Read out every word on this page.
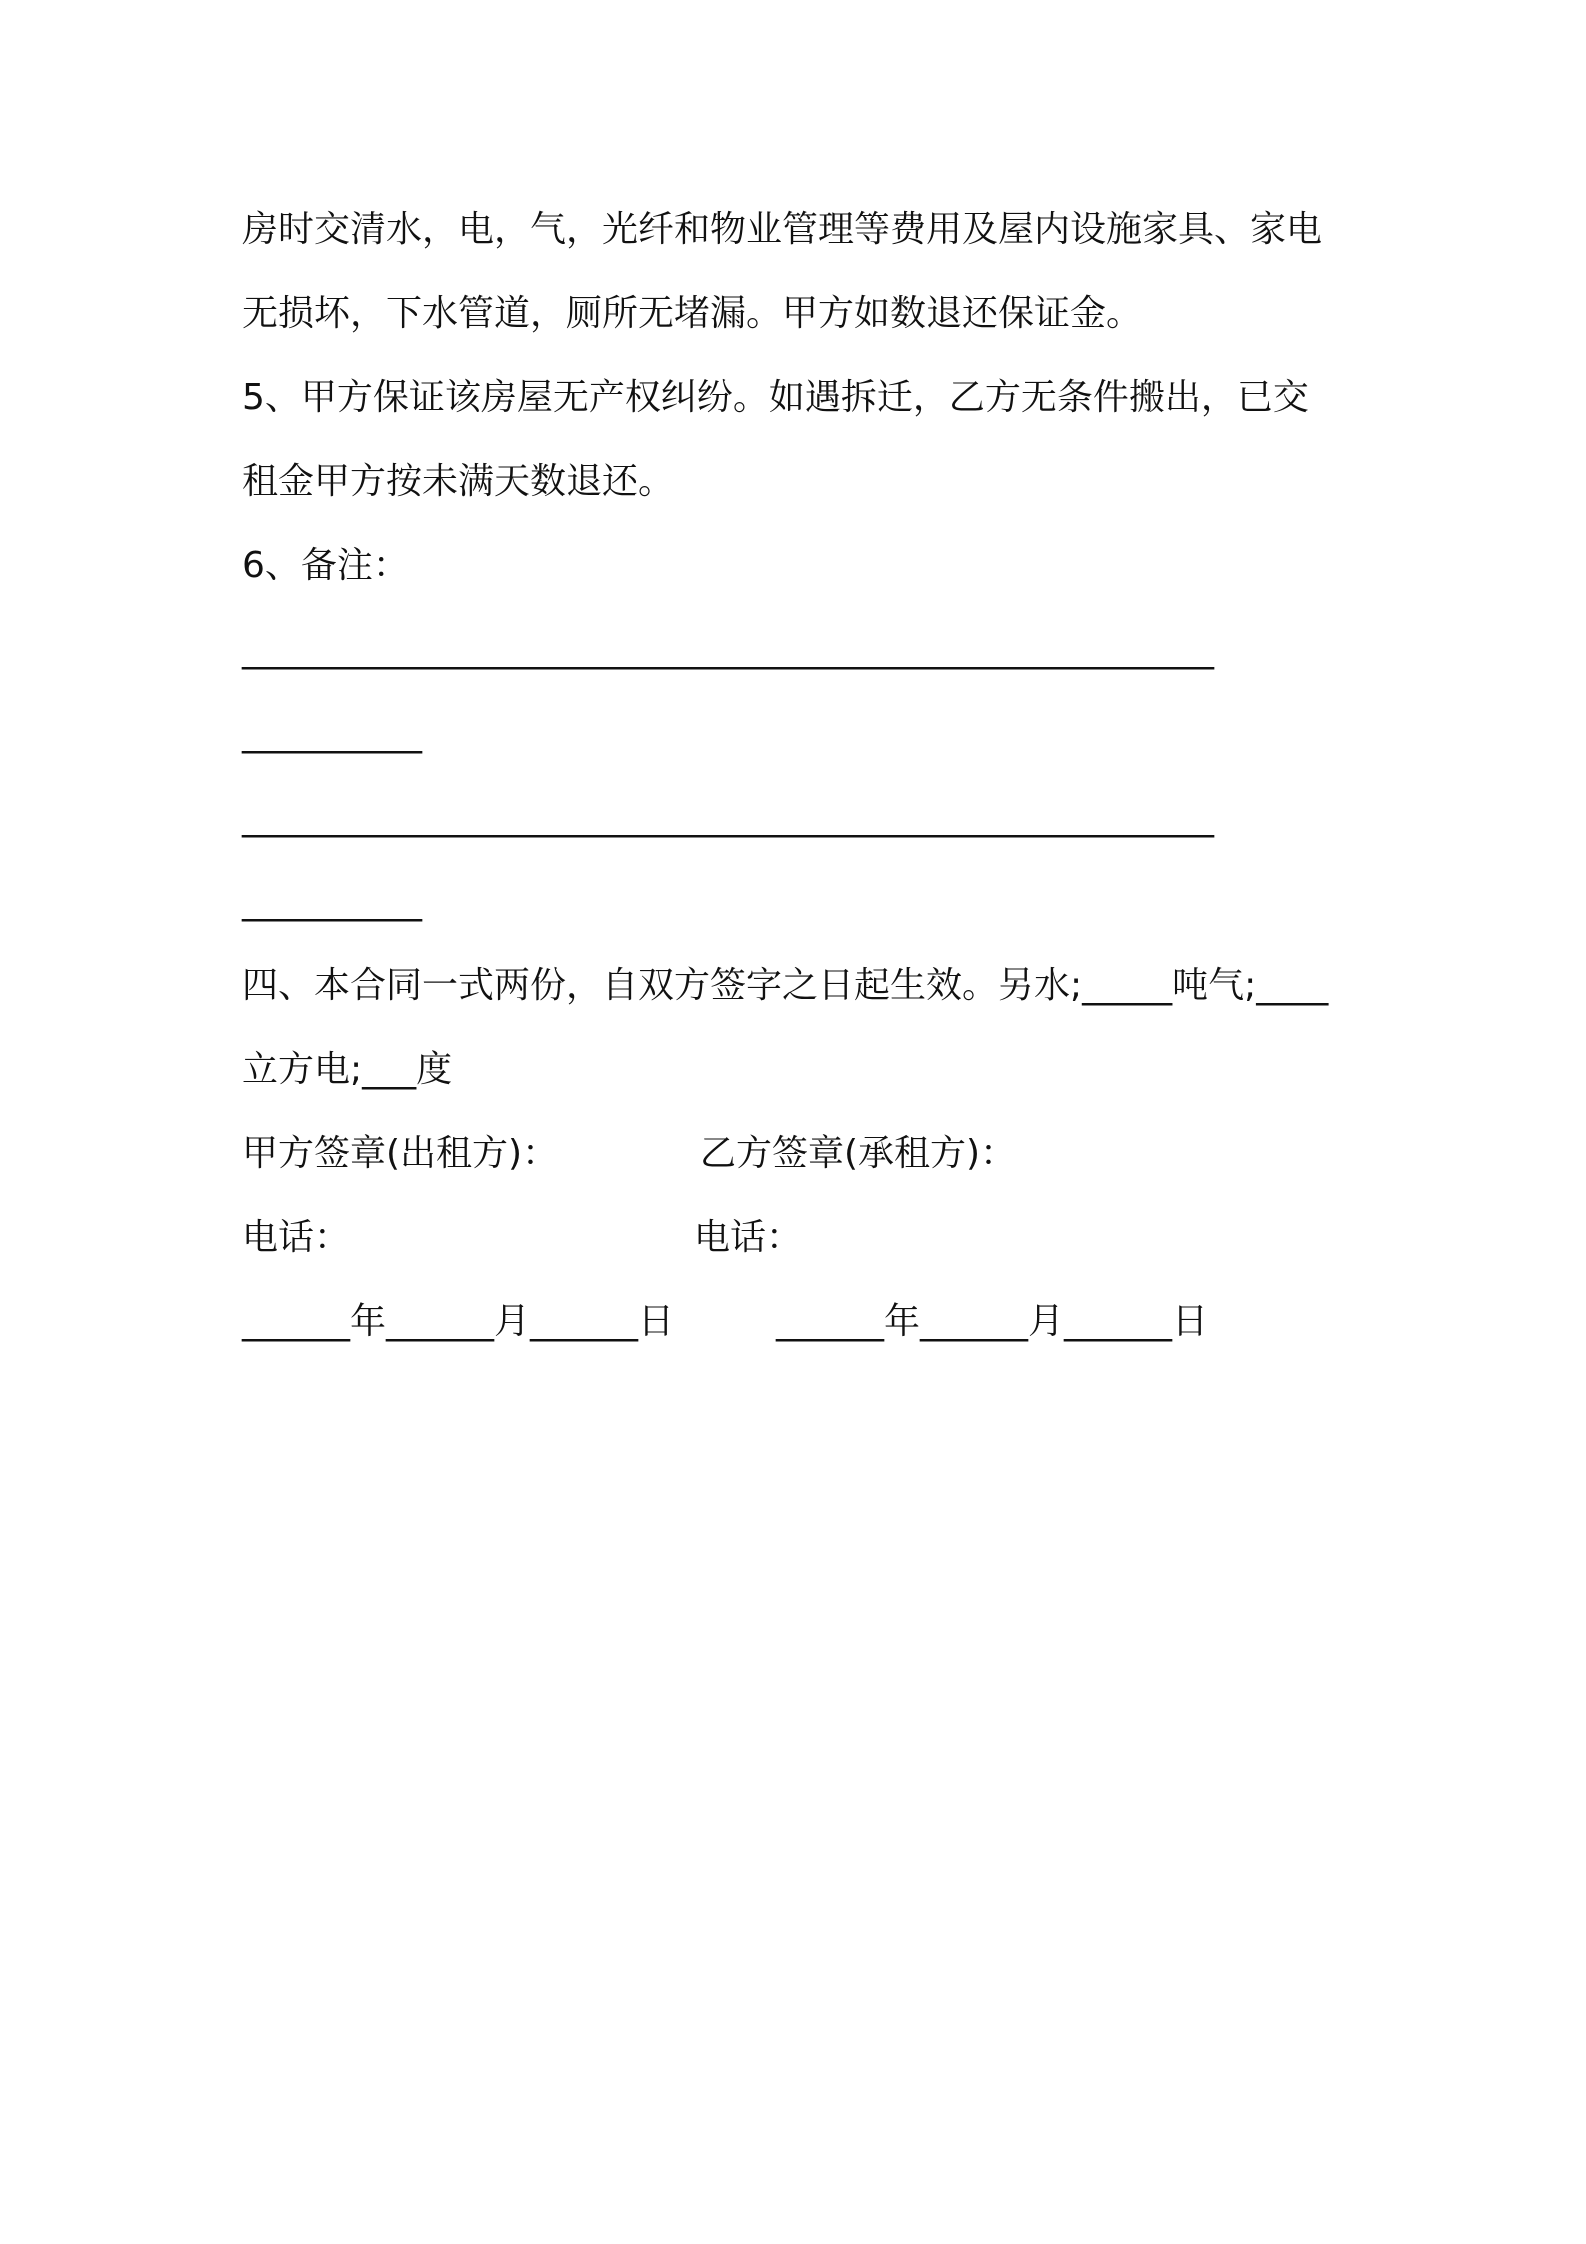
房时交清水，电，气，光纤和物业管理等费用及屋内设施家具、家电
无损坏，下水管道，厕所无堵漏。甲方如数退还保证金。
5、甲方保证该房屋无产权纠纷。如遇拆迁，乙方无条件搬出，已交
租金甲方按未满天数退还。
6、备注：
______________________________________________________
__________
______________________________________________________
__________
四、本合同一式两份，自双方签字之日起生效。另水;_____吨气;____
立方电;___度
甲方签章(出租方)：	乙方签章(承租方)：
电话：	电话：
______年______月______日	______年______月______日
